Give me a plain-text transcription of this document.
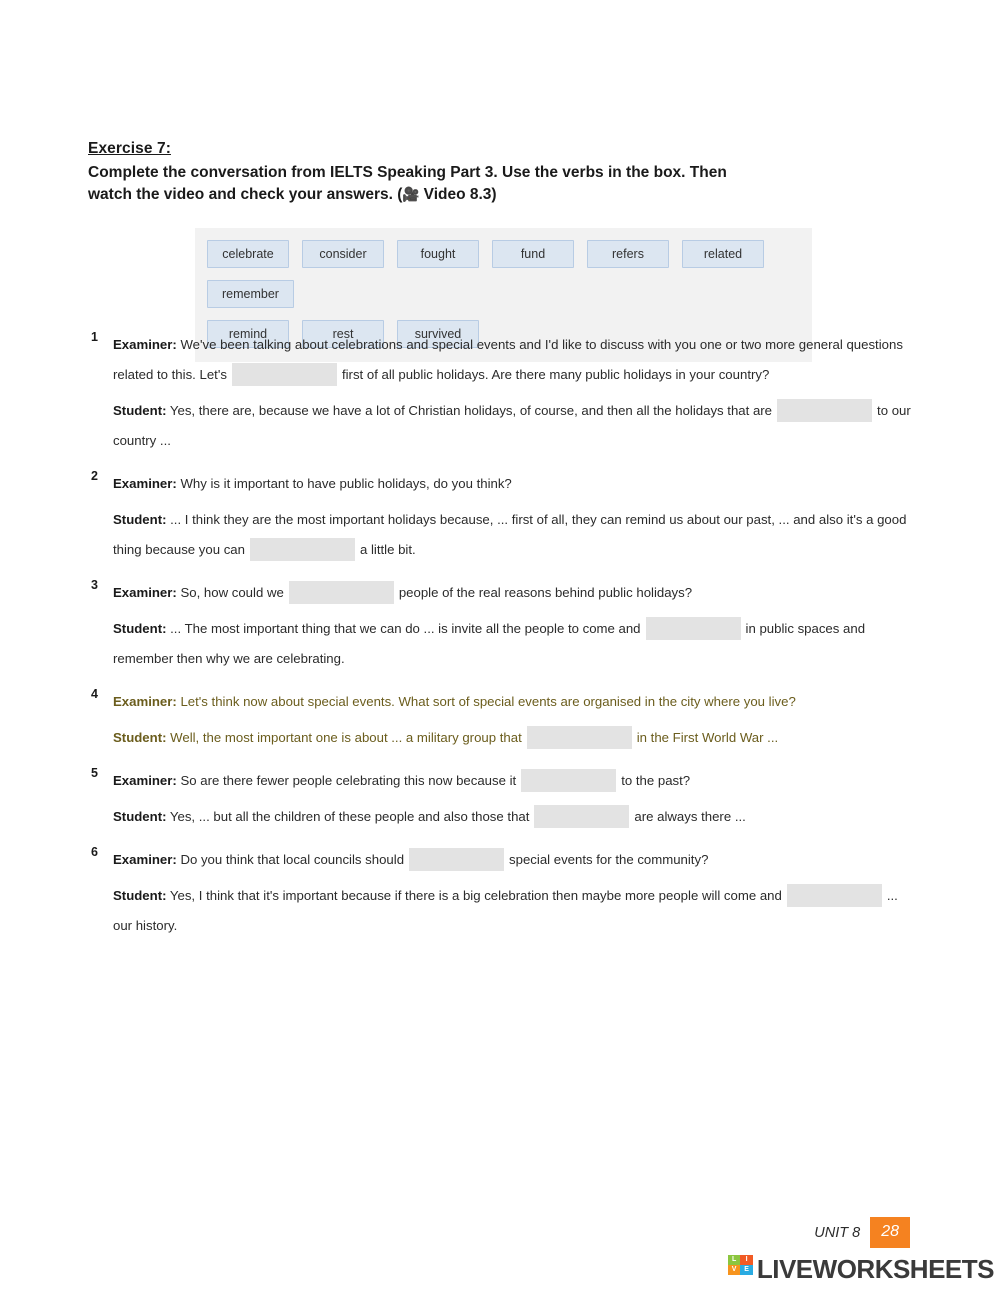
Exercise 7:
Complete the conversation from IELTS Speaking Part 3. Use the verbs in the box. Then
watch the video and check your answers. (🎥 Video 8.3)
celebrate	consider	fought	fund	refers	related
remember
remind	rest	survived
1 Examiner: We've been talking about celebrations and special events and I'd like to discuss with you one or two more general questions related to this. Let's	first of all public holidays. Are there many public holidays in your country?
Student: Yes, there are, because we have a lot of Christian holidays, of course, and then all the holidays that are	to our country ...
2 Examiner: Why is it important to have public holidays, do you think?
Student: ... I think they are the most important holidays because, ... first of all, they can remind us about our past, ... and also it's a good thing because you can	a little bit.
3 Examiner: So, how could we	people of the real reasons behind public holidays?
Student: ... The most important thing that we can do ... is invite all the people to come and	in public spaces and remember then why we are celebrating.
4 Examiner: Let's think now about special events. What sort of special events are organised in the city where you live?
Student: Well, the most important one is about ... a military group that	in the First World War ...
5 Examiner: So are there fewer people celebrating this now because it	to the past?
Student: Yes, ... but all the children of these people and also those that	are always there ...
6 Examiner: Do you think that local councils should	special events for the community?
Student: Yes, I think that it's important because if there is a big celebration then maybe more people will come and	... our history.
UNIT 8	28
L	I
V	E LIVEWORKSHEETS
